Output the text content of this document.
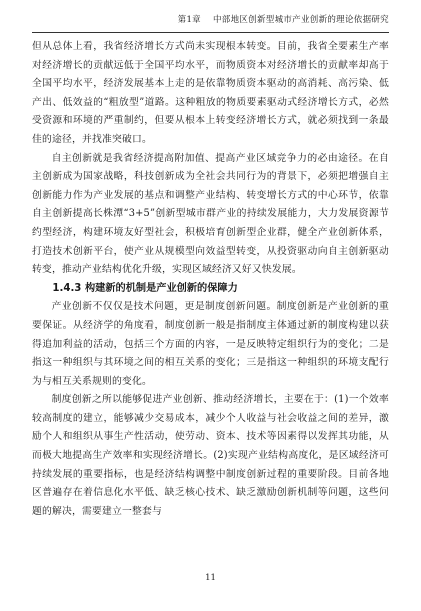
第1章 中部地区创新型城市产业创新的理论依据研究

但从总体上看，我省经济增长方式尚未实现根本转变。目前，我省全要素生产率对经济增长的贡献远低于全国平均水平，而物质资本对经济增长的贡献率却高于全国平均水平，经济发展基本上走的是依靠物质资本驱动的高消耗、高污染、低产出、低效益的“粗放型”道路。这种粗放的物质要素驱动式经济增长方式，必然受资源和环境的严重制约，但要从根本上转变经济增长方式，就必须找到一条最佳的途径，并找准突破口。

自主创新就是我省经济提高附加值、提高产业区域竞争力的必由途径。在自主创新成为国家战略，科技创新成为全社会共同行为的背景下，必须把增强自主创新能力作为产业发展的基点和调整产业结构、转变增长方式的中心环节，依靠自主创新提高长株潭“3+5”创新型城市群产业的持续发展能力，大力发展资源节约型经济，构建环境友好型社会，积极培育创新型企业群，健全产业创新体系，打造技术创新平台，使产业从规模型向效益型转变，从投资驱动向自主创新驱动转变，推动产业结构优化升级，实现区域经济又好又快发展。

1.4.3 构建新的机制是产业创新的保障力

产业创新不仅仅是技术问题，更是制度创新问题。制度创新是产业创新的重要保证。从经济学的角度看，制度创新一般是指制度主体通过新的制度构建以获得追加利益的活动，包括三个方面的内容，一是反映特定组织行为的变化；二是指这一种组织与其环境之间的相互关系的变化；三是指这一种组织的环境支配行为与相互关系规则的变化。

制度创新之所以能够促进产业创新、推动经济增长，主要在于：(1)一个效率较高制度的建立，能够减少交易成本，减少个人收益与社会收益之间的差异，激励个人和组织从事生产性活动，使劳动、资本、技术等因素得以发挥其功能，从而极大地提高生产效率和实现经济增长。(2)实现产业结构高度化，是区域经济可持续发展的重要指标，也是经济结构调整中制度创新过程的重要阶段。目前各地区普遍存在着信息化水平低、缺乏核心技术、缺乏激励创新机制等问题，这些问题的解决，需要建立一整套与

11
